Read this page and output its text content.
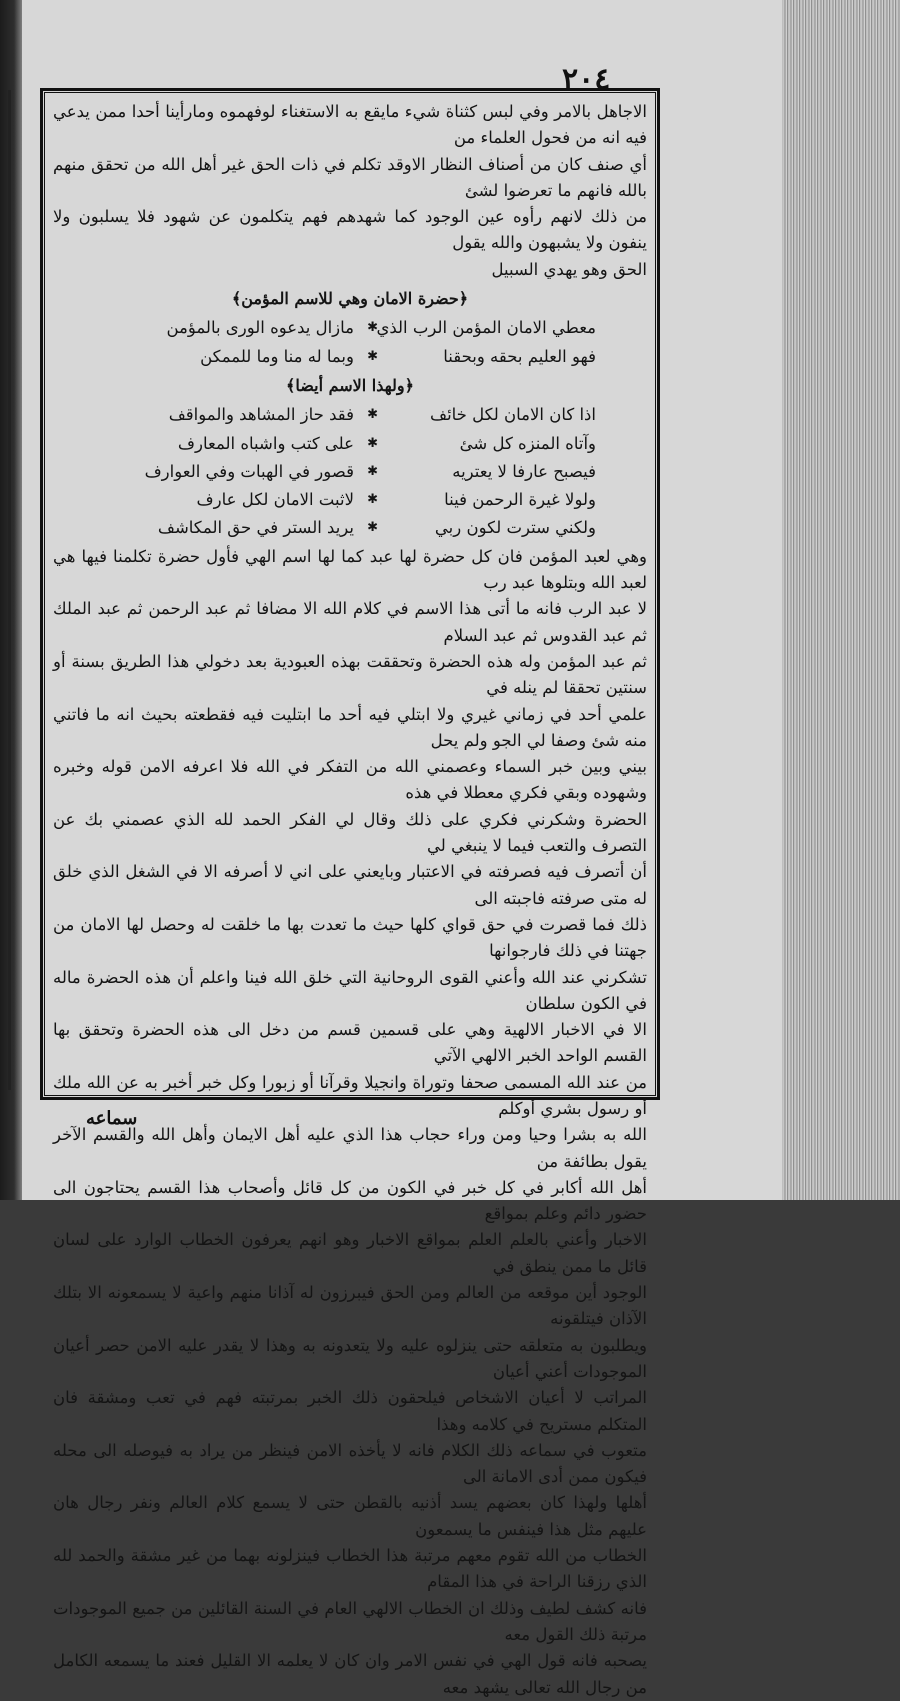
٢٠٤

الاجاهل بالامر وفي لبس كثناة شيء مايقع به الاستغناء لوفهموه ومارأينا أحدا ممن يدعي فيه انه من فحول العلماء من

أي صنف كان من أصناف النظار الاوقد تكلم في ذات الحق غير أهل الله من تحقق منهم بالله فانهم ما تعرضوا لشئ

من ذلك لانهم رأوه عين الوجود كما شهدهم فهم يتكلمون عن شهود فلا يسلبون ولا ينفون ولا يشبهون والله يقول

الحق وهو يهدي السبيل

﴿حضرة الامان وهي للاسم المؤمن﴾

معطي الامان المؤمن الرب الذي
✱
مازال يدعوه الورى بالمؤمن
فهو العليم بحقه وبحقنا
✱
وبما له منا وما للممكن

﴿ولهذا الاسم أيضا﴾

اذا كان الامان لكل خائف
✱
فقد حاز المشاهد والمواقف
وآتاه المنزه كل شئ
✱
على كتب واشباه المعارف
فيصبح عارفا لا يعتريه
✱
قصور في الهبات وفي العوارف
ولولا غيرة الرحمن فينا
✱
لاثبت الامان لكل عارف
ولكني سترت لكون ربي
✱
يريد الستر في حق المكاشف

وهي لعبد المؤمن فان كل حضرة لها عبد كما لها اسم الهي فأول حضرة تكلمنا فيها هي لعبد الله وبتلوها عبد رب

لا عبد الرب فانه ما أتى هذا الاسم في كلام الله الا مضافا ثم عبد الرحمن ثم عبد الملك ثم عبد القدوس ثم عبد السلام

ثم عبد المؤمن وله هذه الحضرة وتحققت بهذه العبودية بعد دخولي هذا الطريق بسنة أو سنتين تحققا لم ينله في

علمي أحد في زماني غيري ولا ابتلي فيه أحد ما ابتليت فيه فقطعته بحيث انه ما فاتني منه شئ وصفا لي الجو ولم يحل

بيني وبين خبر السماء وعصمني الله من التفكر في الله فلا اعرفه الامن قوله وخبره وشهوده وبقي فكري معطلا في هذه

الحضرة وشكرني فكري على ذلك وقال لي الفكر الحمد لله الذي عصمني بك عن التصرف والتعب فيما لا ينبغي لي

أن أتصرف فيه فصرفته في الاعتبار وبايعني على اني لا أصرفه الا في الشغل الذي خلق له متى صرفته فاجبته الى

ذلك فما قصرت في حق قواي كلها حيث ما تعدت بها ما خلقت له وحصل لها الامان من جهتنا في ذلك فارجوانها

تشكرني عند الله وأعني القوى الروحانية التي خلق الله فينا واعلم أن هذه الحضرة ماله في الكون سلطان

الا في الاخبار الالهية وهي على قسمين قسم من دخل الى هذه الحضرة وتحقق بها القسم الواحد الخبر الالهي الآتي

من عند الله المسمى صحفا وتوراة وانجيلا وقرآنا أو زبورا وكل خبر أخبر به عن الله ملك أو رسول بشري أوكلم

الله به بشرا وحيا ومن وراء حجاب هذا الذي عليه أهل الايمان وأهل الله والقسم الآخر يقول بطائفة من

أهل الله أكابر في كل خبر في الكون من كل قائل وأصحاب هذا القسم يحتاجون الى حضور دائم وعلم بمواقع

الاخبار وأعني بالعلم العلم بمواقع الاخبار وهو انهم يعرفون الخطاب الوارد على لسان قائل ما ممن ينطق في

الوجود أين موقعه من العالم ومن الحق فيبرزون له آذانا منهم واعية لا يسمعونه الا بتلك الآذان فيتلقونه

ويطلبون به متعلقه حتى ينزلوه عليه ولا يتعدونه به وهذا لا يقدر عليه الامن حصر أعيان الموجودات أعني أعيان

المراتب لا أعيان الاشخاص فيلحقون ذلك الخبر بمرتبته فهم في تعب ومشقة فان المتكلم مستريح في كلامه وهذا

متعوب في سماعه ذلك الكلام فانه لا يأخذه الامن فينظر من يراد به فيوصله الى محله فيكون ممن أدى الامانة الى

أهلها ولهذا كان بعضهم يسد أذنيه بالقطن حتى لا يسمع كلام العالم ونفر رجال هان عليهم مثل هذا فينفس ما يسمعون

الخطاب من الله تقوم معهم مرتبة هذا الخطاب فينزلونه بهما من غير مشقة والحمد لله الذي رزقنا الراحة في هذا المقام

فانه كشف لطيف وذلك ان الخطاب الالهي العام في السنة القائلين من جميع الموجودات مرتبة ذلك القول معه

يصحبه فانه قول الهي في نفس الامر وان كان لا يعلمه الا القليل فعند ما يسمعه الكامل من رجال الله تعالى يشهد معه

سماعه
